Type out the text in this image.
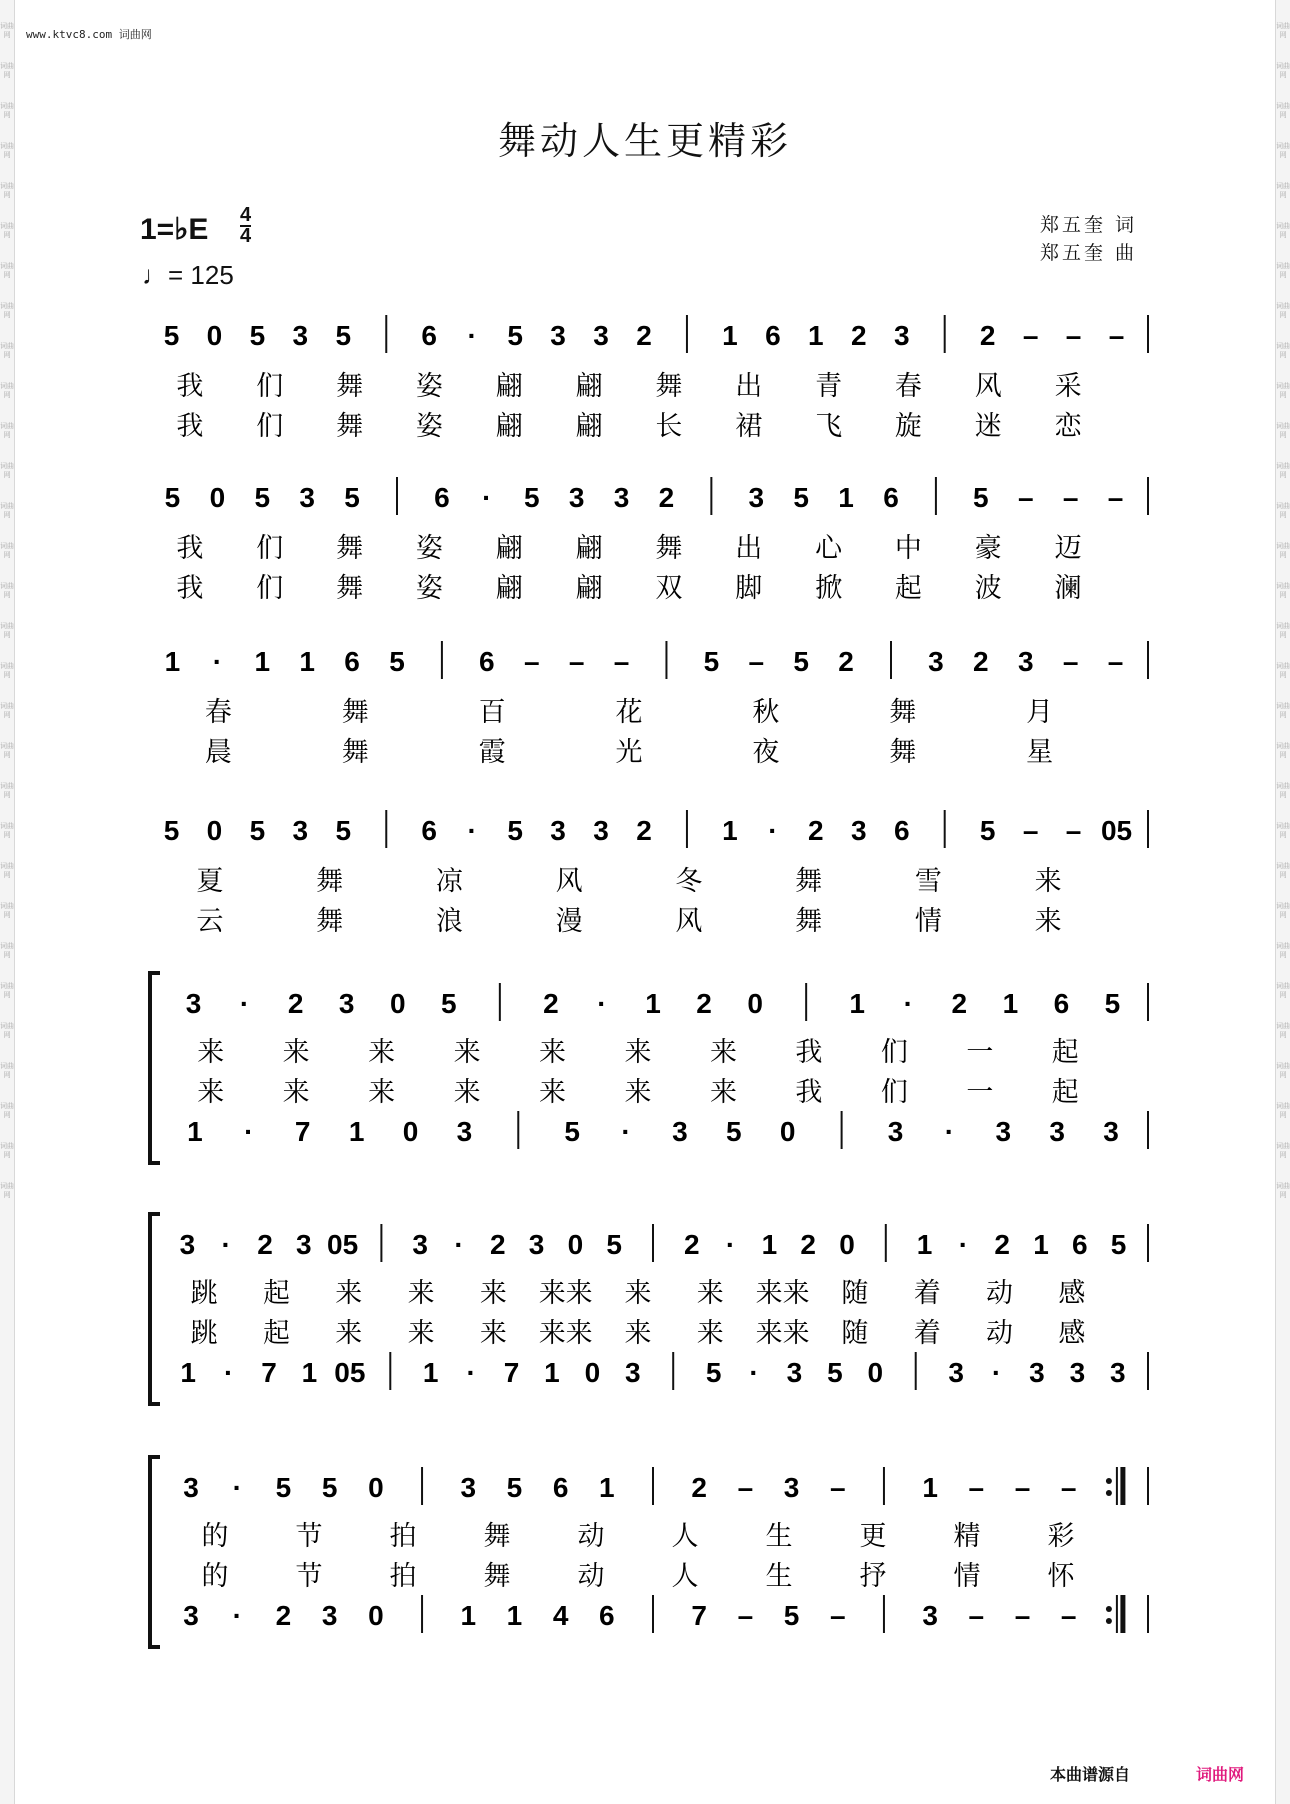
词曲网
词曲网
词曲网
词曲网
词曲网
词曲网
词曲网
词曲网
词曲网
词曲网
词曲网
词曲网
词曲网
词曲网
词曲网
词曲网
词曲网
词曲网
词曲网
词曲网
词曲网
词曲网
词曲网
词曲网
词曲网
词曲网
词曲网
词曲网
词曲网
词曲网
词曲网
词曲网
词曲网
词曲网
词曲网
词曲网
词曲网
词曲网
词曲网
词曲网
词曲网
词曲网
词曲网
词曲网
词曲网
词曲网
词曲网
词曲网
词曲网
词曲网
词曲网
词曲网
词曲网
词曲网
词曲网
词曲网
词曲网
词曲网
词曲网
词曲网
www.ktvc8.com 词曲网
舞动人生更精彩
1=♭E 4
4
♩= 125
郑五奎 词
郑五奎 曲
5 0 5 3 5	6 · 5 3 3 2	1 6 1 2 3	2 – – –
我 们 舞 姿 翩 翩 舞 出 青 春 风 采
我 们 舞 姿 翩 翩 长 裙 飞 旋 迷 恋
5 0 5 3 5	6 · 5 3 3 2	3 5 1 6	5 – – –
我 们 舞 姿 翩 翩 舞 出 心 中 豪 迈
我 们 舞 姿 翩 翩 双 脚 掀 起 波 澜
1 · 1 1 6 5	6 – – –	5 – 5 2	3 2 3 – –
春	舞	百	花	秋	舞	月
晨	舞	霞	光	夜	舞	星
5 0 5 3 5	6 · 5 3 3 2	1 · 2 3 6	5 – – 05
夏	舞	凉	风	冬	舞	雪	来
云	舞	浪	漫	风	舞	情	来
3 · 2 3 0 5	2 · 1 2 0	1 · 2 1 6 5
来 来 来 来 来 来 来 我 们 一 起
来 来 来 来 来 来 来 我 们 一 起
1 · 7 1 0 3	5 · 3 5 0	3 · 3 3 3
3 · 2 3 05 3 · 2 3 0 5 2 · 1 2 0 1 · 2 1 6 5
跳 起 来 来 来 来来 来 来 来来 随 着 动 感
跳 起 来 来 来 来来 来 来 来来 随 着 动 感
1 · 7 1 05 1 · 7 1 0 3 5 · 3 5 0 3 · 3 3 3
3 · 5 5 0	3 5 6 1	2 – 3 –	1 – – –
的 节 拍 舞 动 人 生 更 精 彩
的 节 拍 舞 动 人 生 抒 情 怀
3 · 2 3 0	1 1 4 6	7 – 5 –	3 – – –
本曲谱源自	词曲网
